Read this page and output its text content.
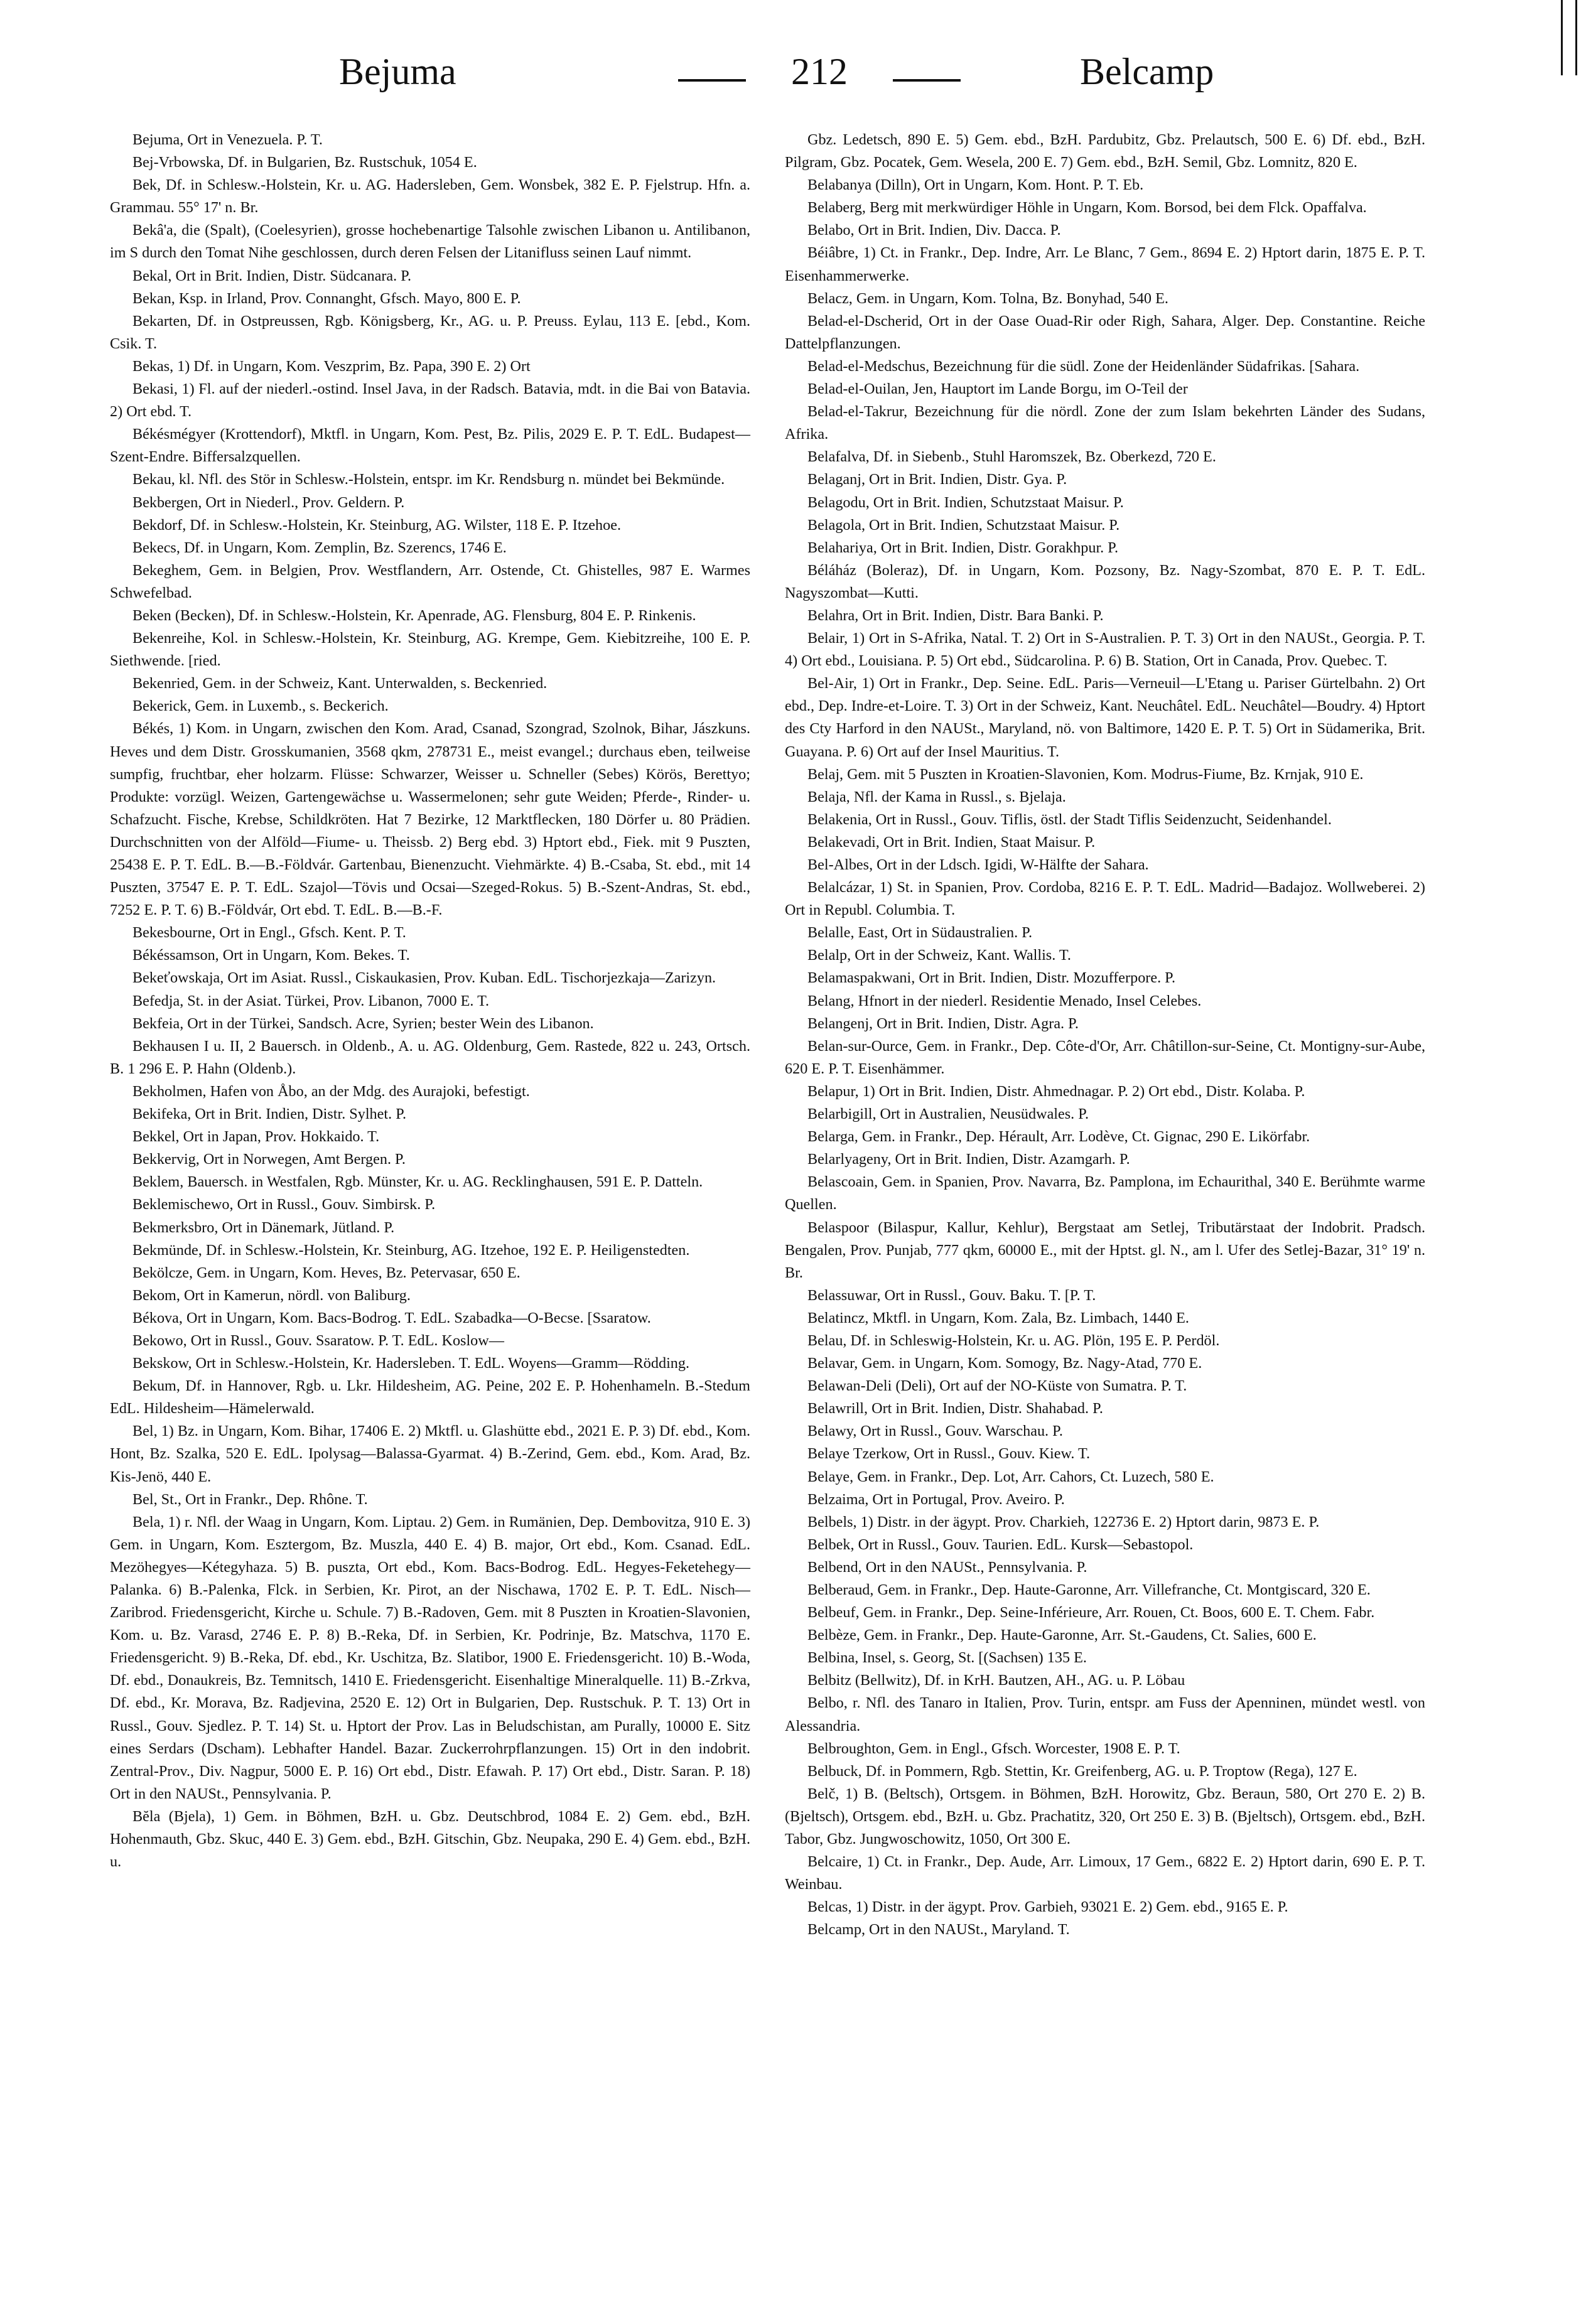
Bejuma	212	Belcamp

Bejuma, Ort in Venezuela. P. T.

Bej-Vrbowska, Df. in Bulgarien, Bz. Rustschuk, 1054 E.

Bek, Df. in Schlesw.-Holstein, Kr. u. AG. Hadersleben, Gem. Wonsbek, 382 E. P. Fjelstrup. Hfn. a. Grammau. 55° 17' n. Br.

Bekâ'a, die (Spalt), (Coelesyrien), grosse hochebenartige Talsohle zwischen Libanon u. Antilibanon, im S durch den Tomat Nihe geschlossen, durch deren Felsen der Litanifluss seinen Lauf nimmt.

Bekal, Ort in Brit. Indien, Distr. Südcanara. P.

Bekan, Ksp. in Irland, Prov. Connanght, Gfsch. Mayo, 800 E. P.

Bekarten, Df. in Ostpreussen, Rgb. Königsberg, Kr., AG. u. P. Preuss. Eylau, 113 E. [ebd., Kom. Csik. T.

Bekas, 1) Df. in Ungarn, Kom. Veszprim, Bz. Papa, 390 E. 2) Ort

Bekasi, 1) Fl. auf der niederl.-ostind. Insel Java, in der Radsch. Batavia, mdt. in die Bai von Batavia. 2) Ort ebd. T.

Békésmégyer (Krottendorf), Mktfl. in Ungarn, Kom. Pest, Bz. Pilis, 2029 E. P. T. EdL. Budapest—Szent-Endre. Biffersalzquellen.

Bekau, kl. Nfl. des Stör in Schlesw.-Holstein, entspr. im Kr. Rendsburg n. mündet bei Bekmünde.

Bekbergen, Ort in Niederl., Prov. Geldern. P.

Bekdorf, Df. in Schlesw.-Holstein, Kr. Steinburg, AG. Wilster, 118 E. P. Itzehoe.

Bekecs, Df. in Ungarn, Kom. Zemplin, Bz. Szerencs, 1746 E.

Bekeghem, Gem. in Belgien, Prov. Westflandern, Arr. Ostende, Ct. Ghistelles, 987 E. Warmes Schwefelbad.

Beken (Becken), Df. in Schlesw.-Holstein, Kr. Apenrade, AG. Flensburg, 804 E. P. Rinkenis.

Bekenreihe, Kol. in Schlesw.-Holstein, Kr. Steinburg, AG. Krempe, Gem. Kiebitzreihe, 100 E. P. Siethwende. [ried.

Bekenried, Gem. in der Schweiz, Kant. Unterwalden, s. Beckenried.

Bekerick, Gem. in Luxemb., s. Beckerich.

Békés, 1) Kom. in Ungarn, zwischen den Kom. Arad, Csanad, Szongrad, Szolnok, Bihar, Jászkuns. Heves und dem Distr. Grosskumanien, 3568 qkm, 278731 E., meist evangel.; durchaus eben, teilweise sumpfig, fruchtbar, eher holzarm. Flüsse: Schwarzer, Weisser u. Schneller (Sebes) Körös, Berettyo; Produkte: vorzügl. Weizen, Gartengewächse u. Wassermelonen; sehr gute Weiden; Pferde-, Rinder- u. Schafzucht. Fische, Krebse, Schildkröten. Hat 7 Bezirke, 12 Marktflecken, 180 Dörfer u. 80 Prädien. Durchschnitten von der Alföld—Fiume- u. Theissb. 2) Berg ebd. 3) Hptort ebd., Fiek. mit 9 Puszten, 25438 E. P. T. EdL. B.—B.-Földvár. Gartenbau, Bienenzucht. Viehmärkte. 4) B.-Csaba, St. ebd., mit 14 Puszten, 37547 E. P. T. EdL. Szajol—Tövis und Ocsai—Szeged-Rokus. 5) B.-Szent-Andras, St. ebd., 7252 E. P. T. 6) B.-Földvár, Ort ebd. T. EdL. B.—B.-F.

Bekesbourne, Ort in Engl., Gfsch. Kent. P. T.

Békéssamson, Ort in Ungarn, Kom. Bekes. T.

Bekeťowskaja, Ort im Asiat. Russl., Ciskaukasien, Prov. Kuban. EdL. Tischorjezkaja—Zarizyn.

Befedja, St. in der Asiat. Türkei, Prov. Libanon, 7000 E. T.

Bekfeia, Ort in der Türkei, Sandsch. Acre, Syrien; bester Wein des Libanon.

Bekhausen I u. II, 2 Bauersch. in Oldenb., A. u. AG. Oldenburg, Gem. Rastede, 822 u. 243, Ortsch. B. 1 296 E. P. Hahn (Oldenb.).

Bekholmen, Hafen von Åbo, an der Mdg. des Aurajoki, befestigt.

Bekifeka, Ort in Brit. Indien, Distr. Sylhet. P.

Bekkel, Ort in Japan, Prov. Hokkaido. T.

Bekkervig, Ort in Norwegen, Amt Bergen. P.

Beklem, Bauersch. in Westfalen, Rgb. Münster, Kr. u. AG. Recklinghausen, 591 E. P. Datteln.

Beklemischewo, Ort in Russl., Gouv. Simbirsk. P.

Bekmerksbro, Ort in Dänemark, Jütland. P.

Bekmünde, Df. in Schlesw.-Holstein, Kr. Steinburg, AG. Itzehoe, 192 E. P. Heiligenstedten.

Bekölcze, Gem. in Ungarn, Kom. Heves, Bz. Petervasar, 650 E.

Bekom, Ort in Kamerun, nördl. von Baliburg.

Békova, Ort in Ungarn, Kom. Bacs-Bodrog. T. EdL. Szabadka—O-Becse. [Ssaratow.

Bekowo, Ort in Russl., Gouv. Ssaratow. P. T. EdL. Koslow—

Bekskow, Ort in Schlesw.-Holstein, Kr. Hadersleben. T. EdL. Woyens—Gramm—Rödding.

Bekum, Df. in Hannover, Rgb. u. Lkr. Hildesheim, AG. Peine, 202 E. P. Hohenhameln. B.-Stedum EdL. Hildesheim—Hämelerwald.

Bel, 1) Bz. in Ungarn, Kom. Bihar, 17406 E. 2) Mktfl. u. Glashütte ebd., 2021 E. P. 3) Df. ebd., Kom. Hont, Bz. Szalka, 520 E. EdL. Ipolysag—Balassa-Gyarmat. 4) B.-Zerind, Gem. ebd., Kom. Arad, Bz. Kis-Jenö, 440 E.

Bel, St., Ort in Frankr., Dep. Rhône. T.

Bela, 1) r. Nfl. der Waag in Ungarn, Kom. Liptau. 2) Gem. in Rumänien, Dep. Dembovitza, 910 E. 3) Gem. in Ungarn, Kom. Esztergom, Bz. Muszla, 440 E. 4) B. major, Ort ebd., Kom. Csanad. EdL. Mezöhegyes—Kétegyhaza. 5) B. puszta, Ort ebd., Kom. Bacs-Bodrog. EdL. Hegyes-Feketehegy—Palanka. 6) B.-Palenka, Flck. in Serbien, Kr. Pirot, an der Nischawa, 1702 E. P. T. EdL. Nisch—Zaribrod. Friedensgericht, Kirche u. Schule. 7) B.-Radoven, Gem. mit 8 Puszten in Kroatien-Slavonien, Kom. u. Bz. Varasd, 2746 E. P. 8) B.-Reka, Df. in Serbien, Kr. Podrinje, Bz. Matschva, 1170 E. Friedensgericht. 9) B.-Reka, Df. ebd., Kr. Uschitza, Bz. Slatibor, 1900 E. Friedensgericht. 10) B.-Woda, Df. ebd., Donaukreis, Bz. Temnitsch, 1410 E. Friedensgericht. Eisenhaltige Mineralquelle. 11) B.-Zrkva, Df. ebd., Kr. Morava, Bz. Radjevina, 2520 E. 12) Ort in Bulgarien, Dep. Rustschuk. P. T. 13) Ort in Russl., Gouv. Sjedlez. P. T. 14) St. u. Hptort der Prov. Las in Beludschistan, am Purally, 10000 E. Sitz eines Serdars (Dscham). Lebhafter Handel. Bazar. Zuckerrohrpflanzungen. 15) Ort in den indobrit. Zentral-Prov., Div. Nagpur, 5000 E. P. 16) Ort ebd., Distr. Efawah. P. 17) Ort ebd., Distr. Saran. P. 18) Ort in den NAUSt., Pennsylvania. P.

Bĕla (Bjela), 1) Gem. in Böhmen, BzH. u. Gbz. Deutschbrod, 1084 E. 2) Gem. ebd., BzH. Hohenmauth, Gbz. Skuc, 440 E. 3) Gem. ebd., BzH. Gitschin, Gbz. Neupaka, 290 E. 4) Gem. ebd., BzH. u.

Gbz. Ledetsch, 890 E. 5) Gem. ebd., BzH. Pardubitz, Gbz. Prelautsch, 500 E. 6) Df. ebd., BzH. Pilgram, Gbz. Pocatek, Gem. Wesela, 200 E. 7) Gem. ebd., BzH. Semil, Gbz. Lomnitz, 820 E.

Belabanya (Dilln), Ort in Ungarn, Kom. Hont. P. T. Eb.

Belaberg, Berg mit merkwürdiger Höhle in Ungarn, Kom. Borsod, bei dem Flck. Opaffalva.

Belabo, Ort in Brit. Indien, Div. Dacca. P.

Béiâbre, 1) Ct. in Frankr., Dep. Indre, Arr. Le Blanc, 7 Gem., 8694 E. 2) Hptort darin, 1875 E. P. T. Eisenhammerwerke.

Belacz, Gem. in Ungarn, Kom. Tolna, Bz. Bonyhad, 540 E.

Belad-el-Dscherid, Ort in der Oase Ouad-Rir oder Righ, Sahara, Alger. Dep. Constantine. Reiche Dattelpflanzungen.

Belad-el-Medschus, Bezeichnung für die südl. Zone der Heidenländer Südafrikas. [Sahara.

Belad-el-Ouilan, Jen, Hauptort im Lande Borgu, im O-Teil der

Belad-el-Takrur, Bezeichnung für die nördl. Zone der zum Islam bekehrten Länder des Sudans, Afrika.

Belafalva, Df. in Siebenb., Stuhl Haromszek, Bz. Oberkezd, 720 E.

Belaganj, Ort in Brit. Indien, Distr. Gya. P.

Belagodu, Ort in Brit. Indien, Schutzstaat Maisur. P.

Belagola, Ort in Brit. Indien, Schutzstaat Maisur. P.

Belahariya, Ort in Brit. Indien, Distr. Gorakhpur. P.

Béláház (Bolerаz), Df. in Ungarn, Kom. Pozsony, Bz. Nagy-Szombat, 870 E. P. T. EdL. Nagyszombat—Kutti.

Belahra, Ort in Brit. Indien, Distr. Bara Banki. P.

Belair, 1) Ort in S-Afrika, Natal. T. 2) Ort in S-Australien. P. T. 3) Ort in den NAUSt., Georgia. P. T. 4) Ort ebd., Louisiana. P. 5) Ort ebd., Südcarolina. P. 6) B. Station, Ort in Canada, Prov. Quebec. T.

Bel-Air, 1) Ort in Frankr., Dep. Seine. EdL. Paris—Verneuil—L'Etang u. Pariser Gürtelbahn. 2) Ort ebd., Dep. Indre-et-Loire. T. 3) Ort in der Schweiz, Kant. Neuchâtel. EdL. Neuchâtel—Boudry. 4) Hptort des Cty Harford in den NAUSt., Maryland, nö. von Baltimore, 1420 E. P. T. 5) Ort in Südamerika, Brit. Guayana. P. 6) Ort auf der Insel Mauritius. T.

Belaj, Gem. mit 5 Puszten in Kroatien-Slavonien, Kom. Modrus-Fiume, Bz. Krnjak, 910 E.

Belaja, Nfl. der Kama in Russl., s. Bjelaja.

Belakenia, Ort in Russl., Gouv. Tiflis, östl. der Stadt Tiflis Seidenzucht, Seidenhandel.

Belakevadi, Ort in Brit. Indien, Staat Maisur. P.

Bel-Albes, Ort in der Ldsch. Igidi, W-Hälfte der Sahara.

Belalcázar, 1) St. in Spanien, Prov. Cordoba, 8216 E. P. T. EdL. Madrid—Badajoz. Wollweberei. 2) Ort in Republ. Columbia. T.

Belalle, East, Ort in Südaustralien. P.

Belalp, Ort in der Schweiz, Kant. Wallis. T.

Belamaspakwani, Ort in Brit. Indien, Distr. Mozufferpore. P.

Belang, Hfnort in der niederl. Residentie Menado, Insel Celebes.

Belangenj, Ort in Brit. Indien, Distr. Agra. P.

Belan-sur-Ource, Gem. in Frankr., Dep. Côte-d'Or, Arr. Châtillon-sur-Seine, Ct. Montigny-sur-Aube, 620 E. P. T. Eisenhämmer.

Belapur, 1) Ort in Brit. Indien, Distr. Ahmednagar. P. 2) Ort ebd., Distr. Kolaba. P.

Belarbigill, Ort in Australien, Neusüdwales. P.

Belarga, Gem. in Frankr., Dep. Hérault, Arr. Lodève, Ct. Gignac, 290 E. Likörfabr.

Belarlyageny, Ort in Brit. Indien, Distr. Azamgarh. P.

Belascoain, Gem. in Spanien, Prov. Navarra, Bz. Pamplona, im Echaurithal, 340 E. Berühmte warme Quellen.

Belaspoor (Bilaspur, Kallur, Kehlur), Bergstaat am Setlej, Tributärstaat der Indobrit. Pradsch. Bengalen, Prov. Punjab, 777 qkm, 60000 E., mit der Hptst. gl. N., am l. Ufer des Setlej-Bazar, 31° 19' n. Br.

Belassuwar, Ort in Russl., Gouv. Baku. T. [P. T.

Belatincz, Mktfl. in Ungarn, Kom. Zala, Bz. Limbach, 1440 E.

Belau, Df. in Schleswig-Holstein, Kr. u. AG. Plön, 195 E. P. Perdöl.

Belavar, Gem. in Ungarn, Kom. Somogy, Bz. Nagy-Atad, 770 E.

Belawan-Deli (Deli), Ort auf der NO-Küste von Sumatra. P. T.

Belawrill, Ort in Brit. Indien, Distr. Shahabad. P.

Belawy, Ort in Russl., Gouv. Warschau. P.

Belaye Tzerkow, Ort in Russl., Gouv. Kiew. T.

Belaye, Gem. in Frankr., Dep. Lot, Arr. Cahors, Ct. Luzech, 580 E.

Belzaima, Ort in Portugal, Prov. Aveiro. P.

Belbels, 1) Distr. in der ägypt. Prov. Charkieh, 122736 E. 2) Hptort darin, 9873 E. P.

Belbek, Ort in Russl., Gouv. Taurien. EdL. Kursk—Sebastopol.

Belbend, Ort in den NAUSt., Pennsylvania. P.

Belberaud, Gem. in Frankr., Dep. Haute-Garonne, Arr. Villefranche, Ct. Montgiscard, 320 E.

Belbeuf, Gem. in Frankr., Dep. Seine-Inférieure, Arr. Rouen, Ct. Boos, 600 E. T. Chem. Fabr.

Belbèze, Gem. in Frankr., Dep. Haute-Garonne, Arr. St.-Gaudens, Ct. Salies, 600 E.

Belbina, Insel, s. Georg, St. [(Sachsen) 135 E.

Belbitz (Bellwitz), Df. in KrH. Bautzen, AH., AG. u. P. Löbau

Belbo, r. Nfl. des Tanaro in Italien, Prov. Turin, entspr. am Fuss der Apenninen, mündet westl. von Alessandria.

Belbroughton, Gem. in Engl., Gfsch. Worcester, 1908 E. P. T.

Belbuck, Df. in Pommern, Rgb. Stettin, Kr. Greifenberg, AG. u. P. Troptow (Rega), 127 E.

Belč, 1) B. (Beltsch), Ortsgem. in Böhmen, BzH. Horowitz, Gbz. Beraun, 580, Ort 270 E. 2) B. (Bjeltsch), Ortsgem. ebd., BzH. u. Gbz. Prachatitz, 320, Ort 250 E. 3) B. (Bjeltsch), Ortsgem. ebd., BzH. Tabor, Gbz. Jungwoschowitz, 1050, Ort 300 E.

Belcaire, 1) Ct. in Frankr., Dep. Aude, Arr. Limoux, 17 Gem., 6822 E. 2) Hptort darin, 690 E. P. T. Weinbau.

Belcas, 1) Distr. in der ägypt. Prov. Garbieh, 93021 E. 2) Gem. ebd., 9165 E. P.

Belcamp, Ort in den NAUSt., Maryland. T.
